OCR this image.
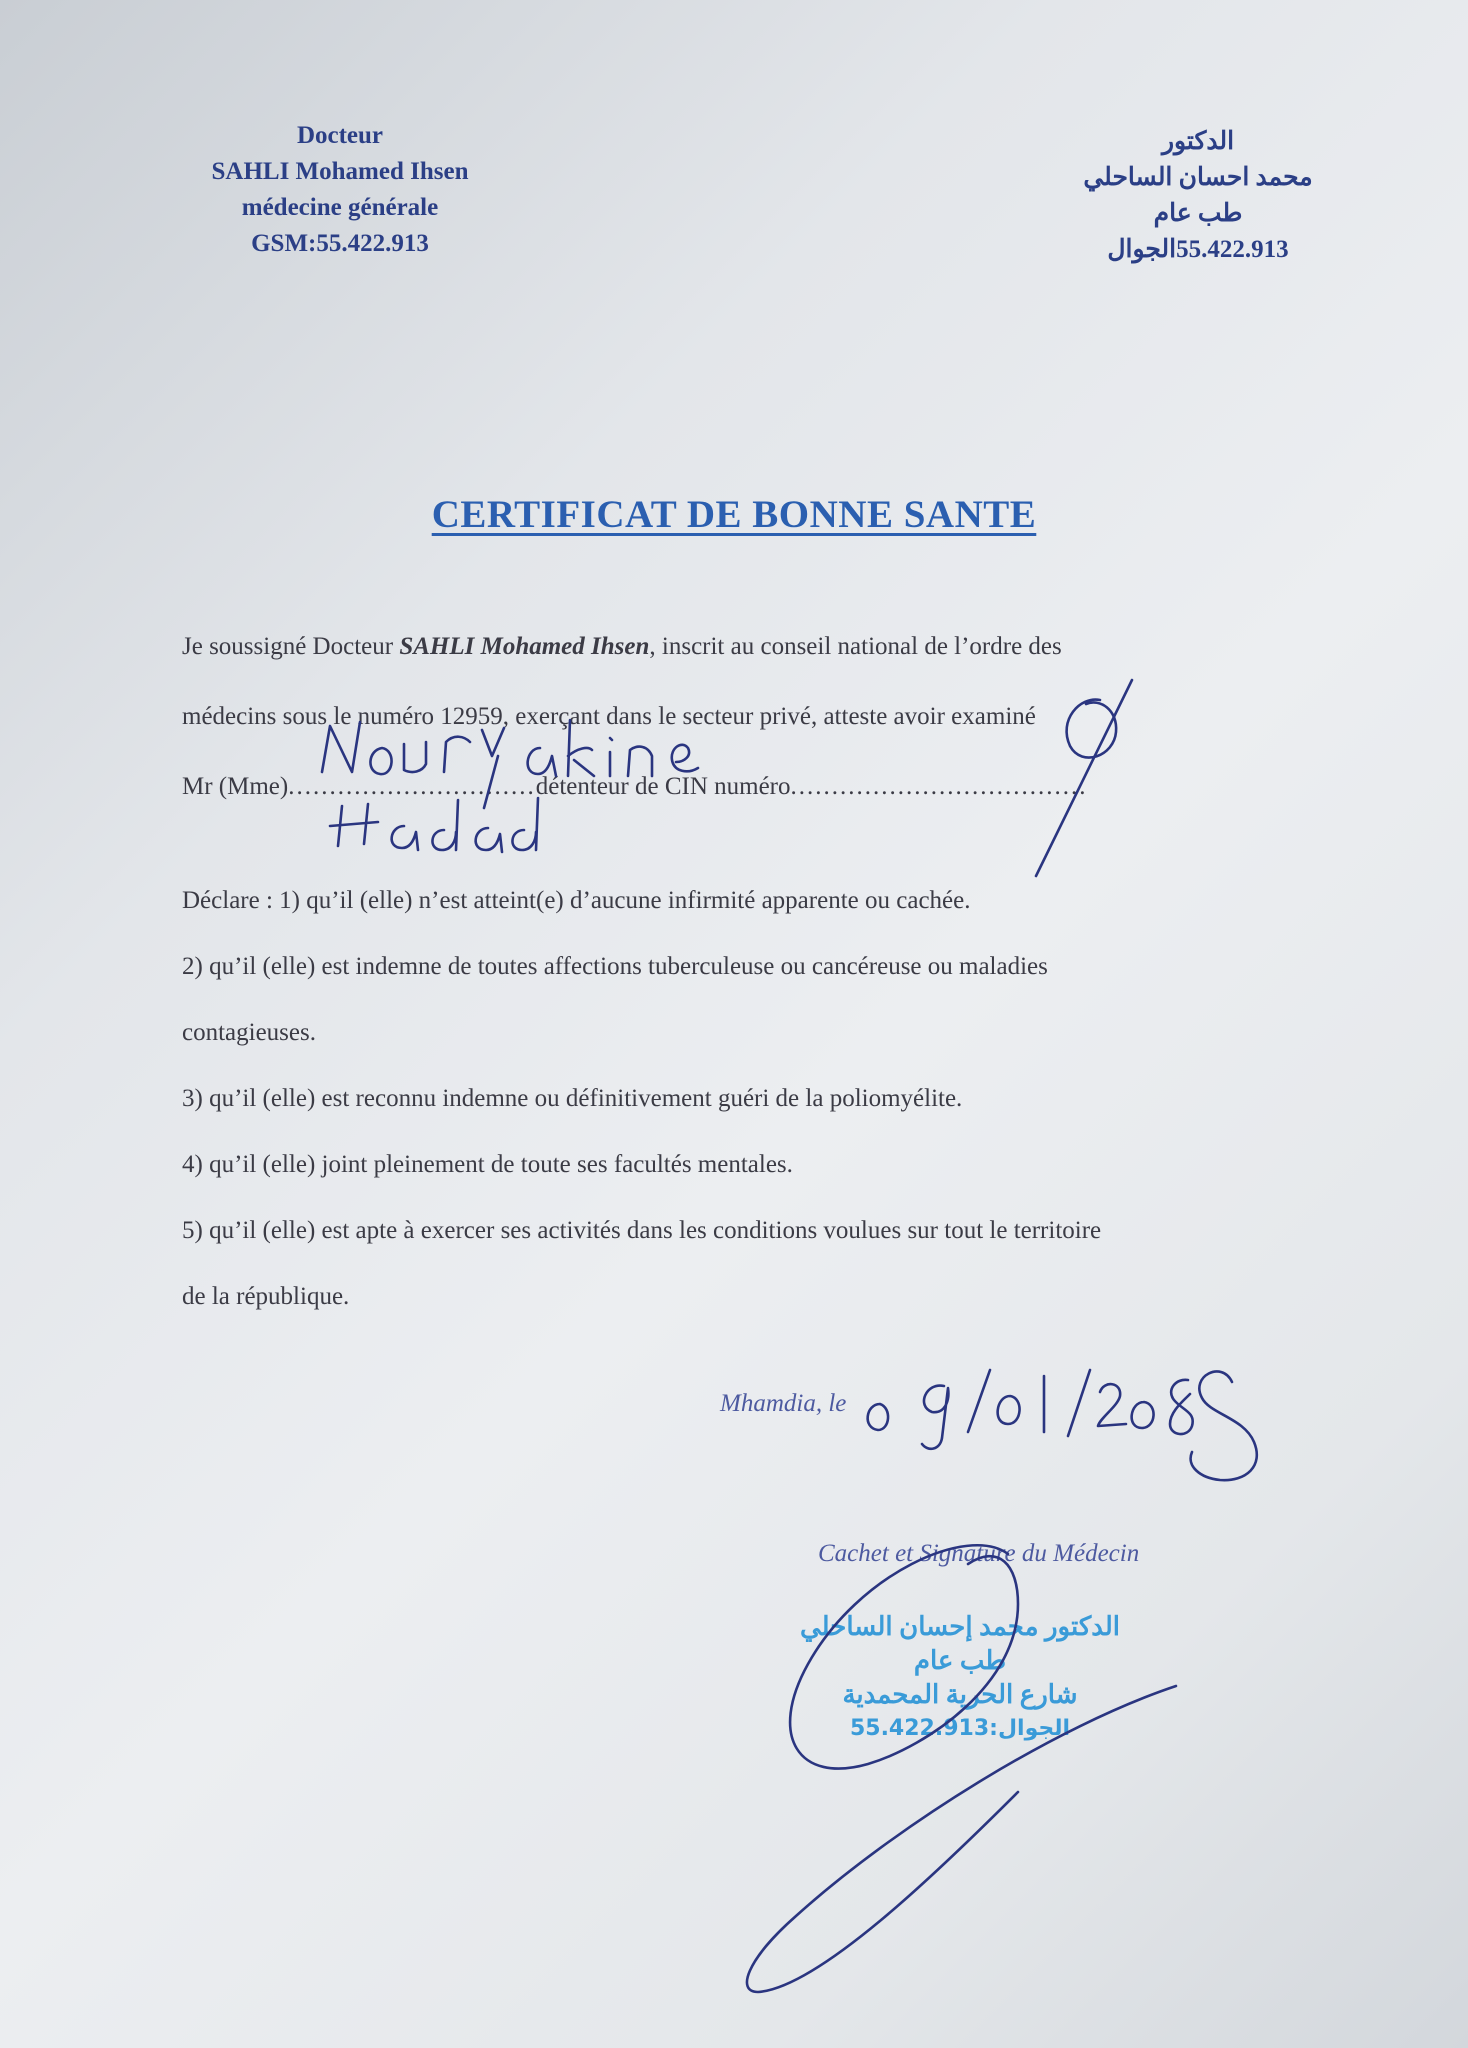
Docteur
SAHLI Mohamed Ihsen
médecine générale
GSM:55.422.913
الدكتور
محمد احسان الساحلي
طب عام
55.422.913الجوال
CERTIFICAT DE BONNE SANTE
Je soussigné Docteur SAHLI Mohamed Ihsen, inscrit au conseil national de l’ordre des
médecins sous le numéro 12959, exerçant dans le secteur privé, atteste avoir examiné
Mr (Mme)..............................détenteur de CIN numéro....................................
Déclare : 1) qu’il (elle) n’est atteint(e) d’aucune infirmité apparente ou cachée.
2) qu’il (elle) est indemne de toutes affections tuberculeuse ou cancéreuse ou maladies
contagieuses.
3) qu’il (elle) est reconnu indemne ou définitivement guéri de la poliomyélite.
4) qu’il (elle) joint pleinement de toute ses facultés mentales.
5) qu’il (elle) est apte à exercer ses activités dans les conditions voulues sur tout le territoire
de la république.
Mhamdia, le
Cachet et Signature du Médecin
الدكتور محمد إحسان الساحلي
طب عام
شارع الحرية المحمدية
الجوال:55.422.913
